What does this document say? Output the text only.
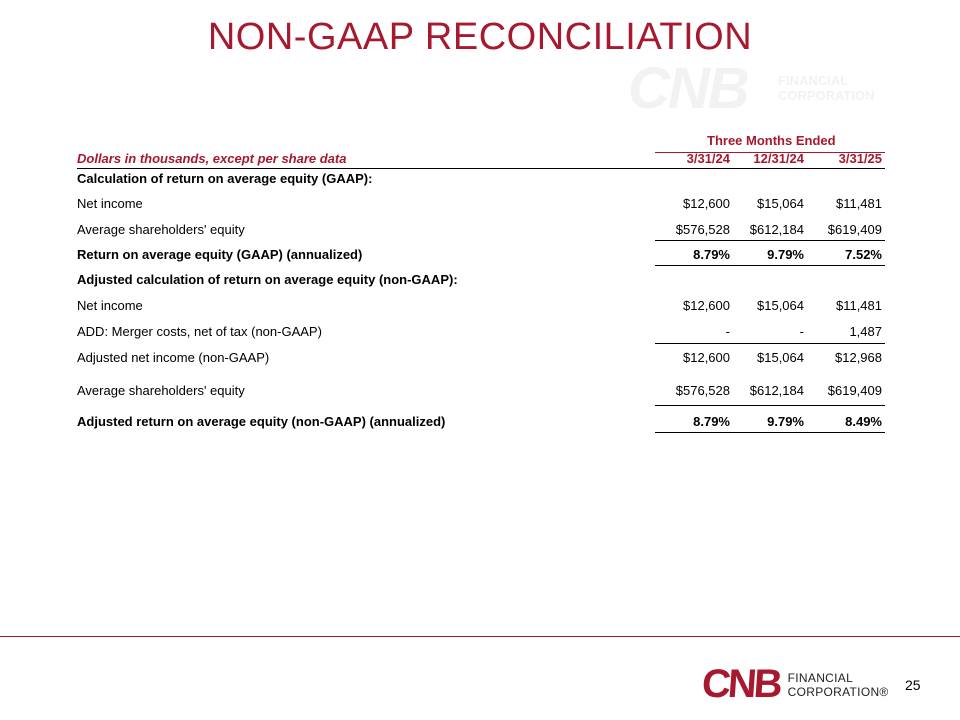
NON-GAAP RECONCILIATION
CNB FINANCIAL
CORPORATION
Three Months Ended
Dollars in thousands, except per share data	3/31/24	12/31/24	3/31/25
Calculation of return on average equity (GAAP):
Net income	$12,600	$15,064	$11,481
Average shareholders' equity	$576,528	$612,184	$619,409
Return on average equity (GAAP) (annualized)	8.79%	9.79%	7.52%
Adjusted calculation of return on average equity (non-GAAP):
Net income	$12,600	$15,064	$11,481
ADD: Merger costs, net of tax (non-GAAP)	-	-	1,487
Adjusted net income (non-GAAP)	$12,600	$15,064	$12,968
Average shareholders' equity	$576,528	$612,184	$619,409
Adjusted return on average equity (non-GAAP) (annualized)	8.79%	9.79%	8.49%
CNB FINANCIAL
CORPORATION® 25
